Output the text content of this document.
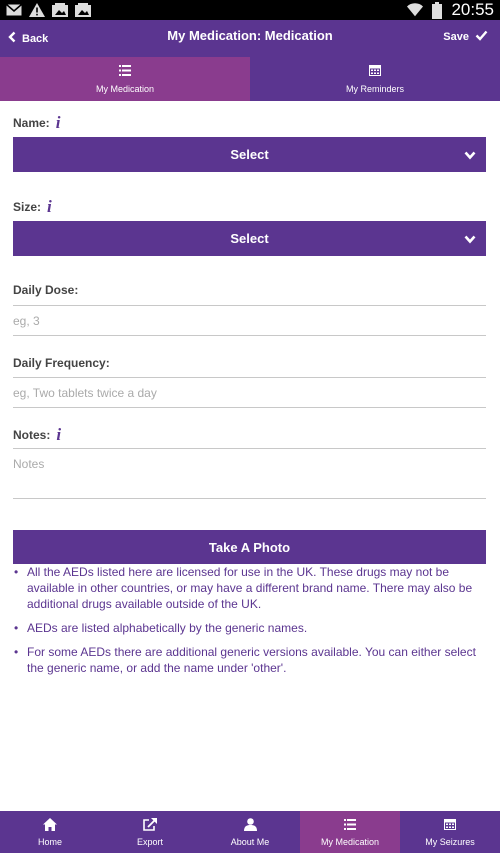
20:55
Back	My Medication: Medication	Save
My Medication	My Reminders
Name: i
Select
Size: i
Select
Daily Dose:
eg, 3
Daily Frequency:
eg, Two tablets twice a day
Notes: i
Notes
Take A Photo
• All the AEDs listed here are licensed for use in the UK. These drugs may not be available in other countries, or may have a different brand name. There may also be additional drugs available outside of the UK.
• AEDs are listed alphabetically by the generic names.
• For some AEDs there are additional generic versions available. You can either select the generic name, or add the name under 'other'.
Home	Export	About Me	My Medication	My Seizures
